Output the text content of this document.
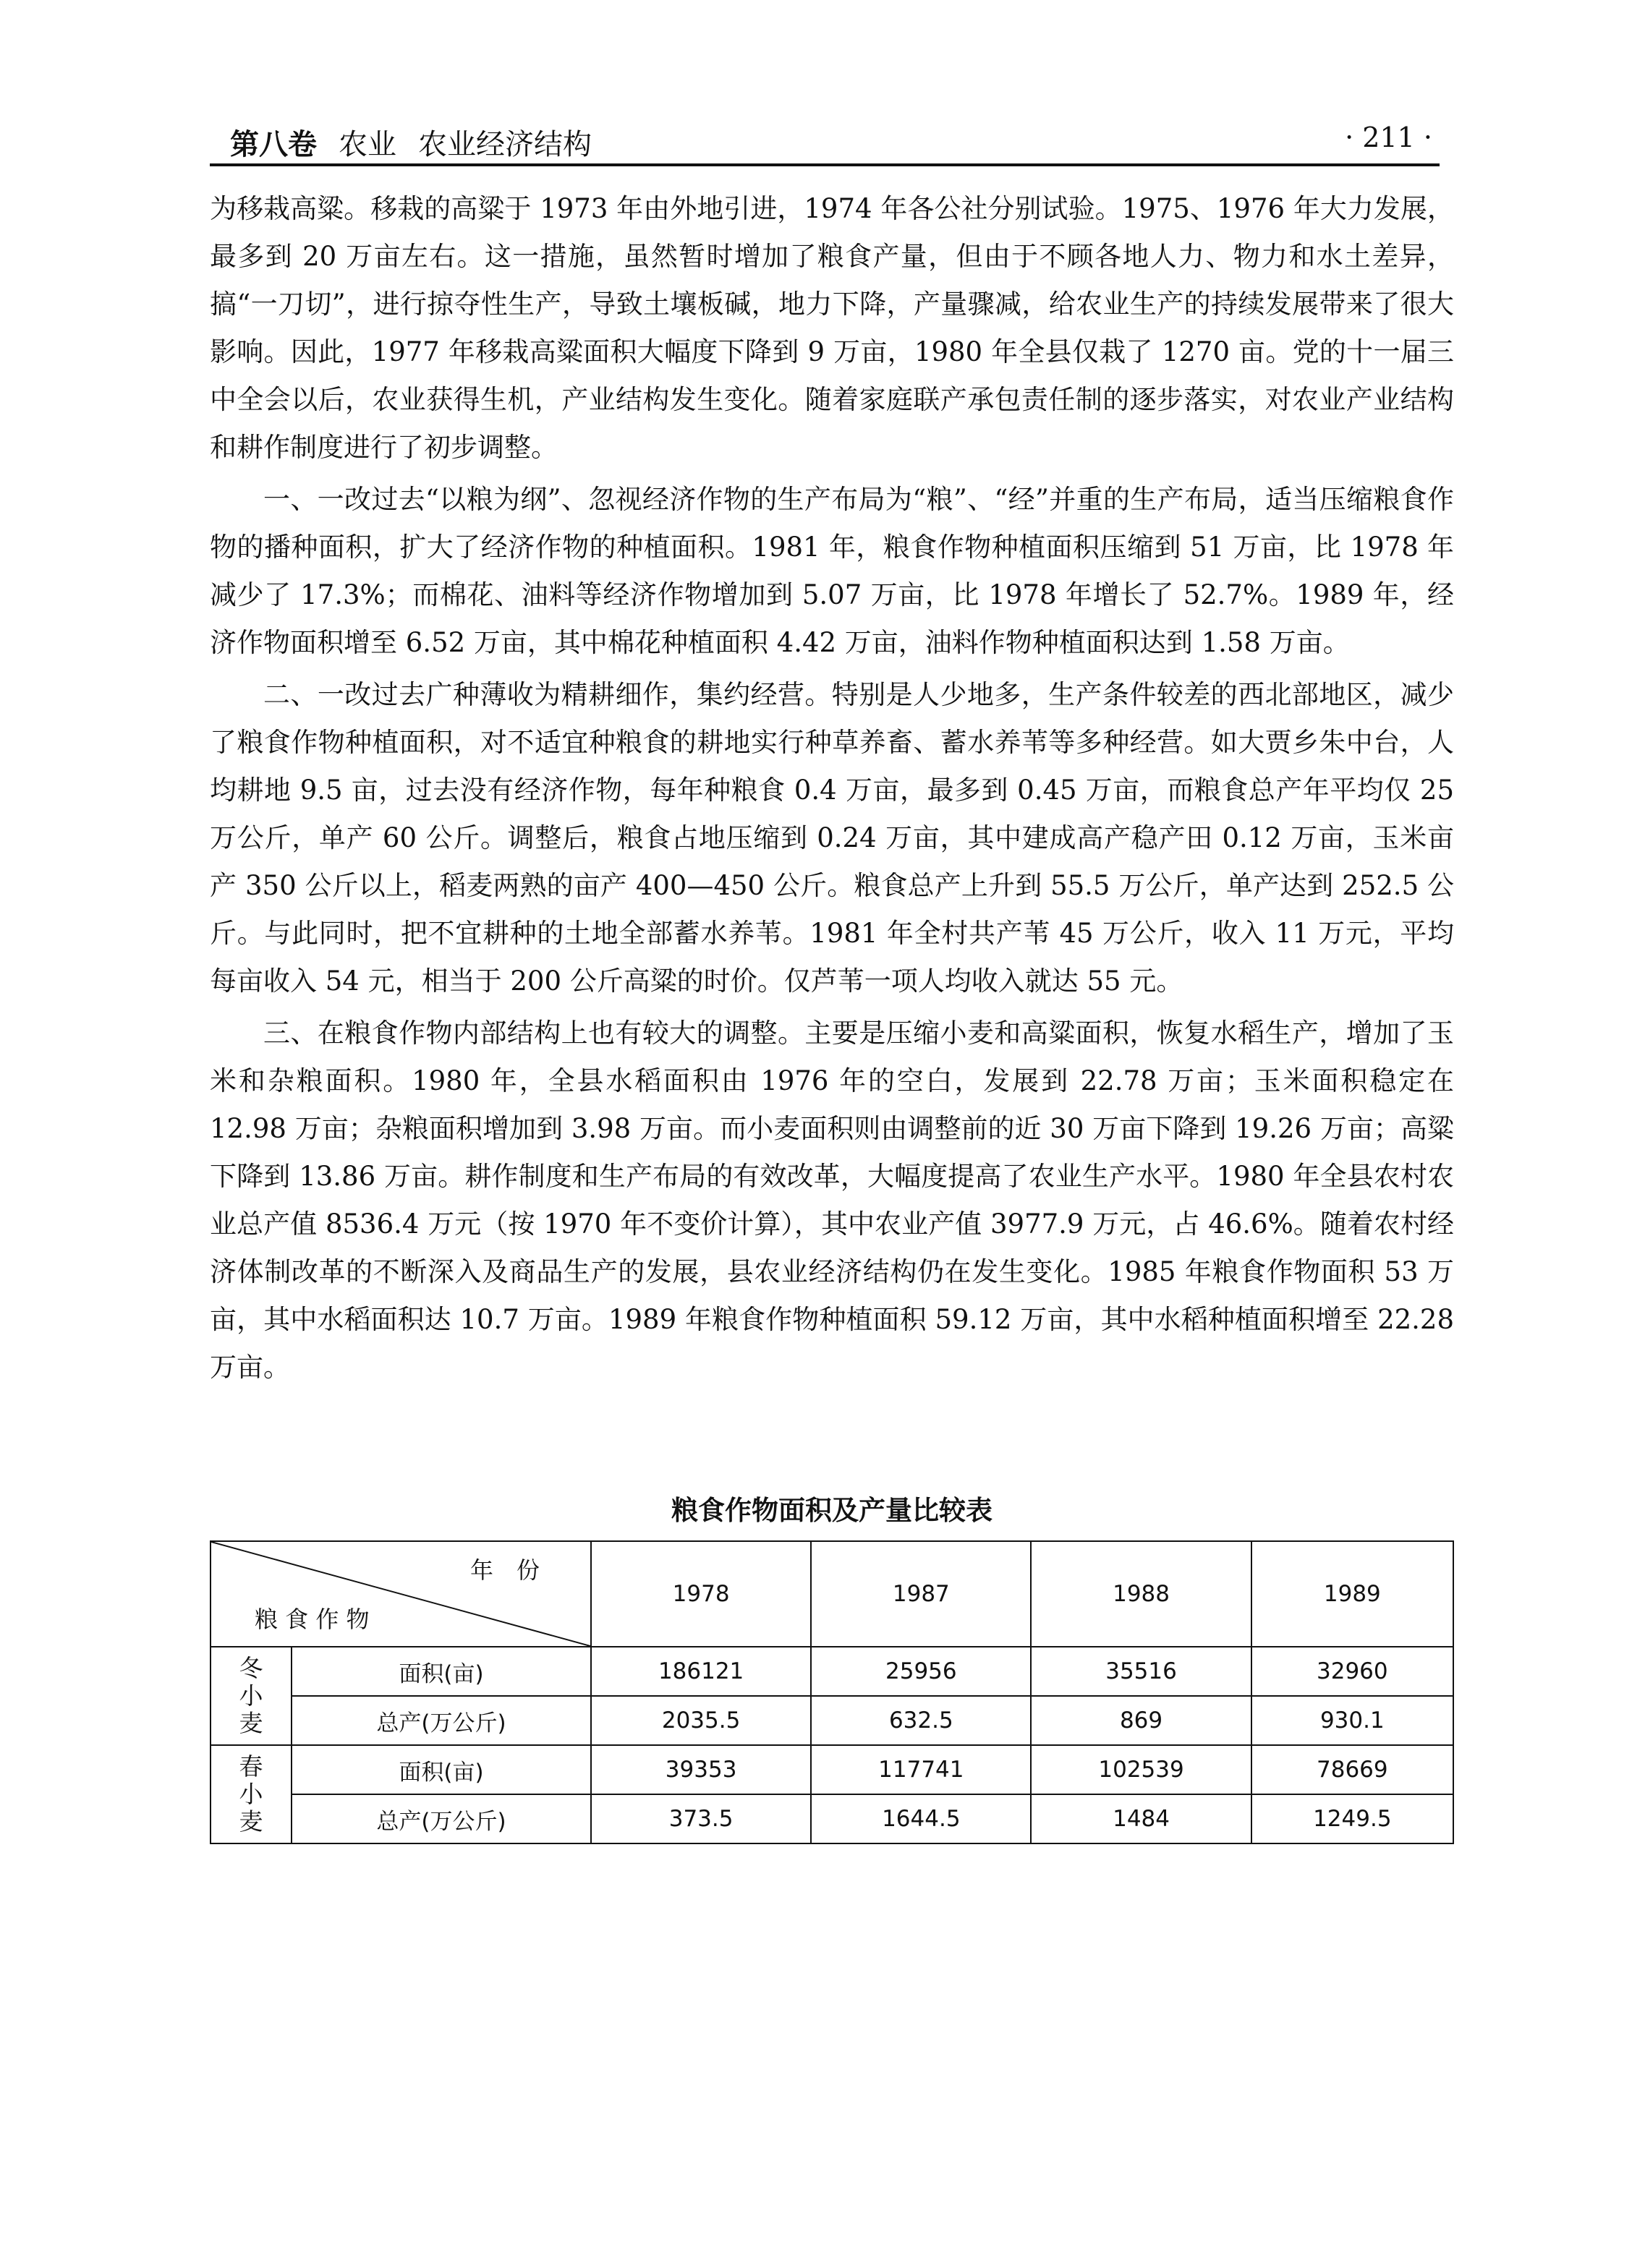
第八卷 农业 农业经济结构	· 211 ·

为移栽高粱。移栽的高粱于 1973 年由外地引进，1974 年各公社分别试验。1975、1976 年大力发展，最多到 20 万亩左右。这一措施，虽然暂时增加了粮食产量，但由于不顾各地人力、物力和水土差异，搞“一刀切”，进行掠夺性生产，导致土壤板碱，地力下降，产量骤减，给农业生产的持续发展带来了很大影响。因此，1977 年移栽高粱面积大幅度下降到 9 万亩，1980 年全县仅栽了 1270 亩。党的十一届三中全会以后，农业获得生机，产业结构发生变化。随着家庭联产承包责任制的逐步落实，对农业产业结构和耕作制度进行了初步调整。

一、一改过去“以粮为纲”、忽视经济作物的生产布局为“粮”、“经”并重的生产布局，适当压缩粮食作物的播种面积，扩大了经济作物的种植面积。1981 年，粮食作物种植面积压缩到 51 万亩，比 1978 年减少了 17.3%；而棉花、油料等经济作物增加到 5.07 万亩，比 1978 年增长了 52.7%。1989 年，经济作物面积增至 6.52 万亩，其中棉花种植面积 4.42 万亩，油料作物种植面积达到 1.58 万亩。

二、一改过去广种薄收为精耕细作，集约经营。特别是人少地多，生产条件较差的西北部地区，减少了粮食作物种植面积，对不适宜种粮食的耕地实行种草养畜、蓄水养苇等多种经营。如大贾乡朱中台，人均耕地 9.5 亩，过去没有经济作物，每年种粮食 0.4 万亩，最多到 0.45 万亩，而粮食总产年平均仅 25 万公斤，单产 60 公斤。调整后，粮食占地压缩到 0.24 万亩，其中建成高产稳产田 0.12 万亩，玉米亩产 350 公斤以上，稻麦两熟的亩产 400—450 公斤。粮食总产上升到 55.5 万公斤，单产达到 252.5 公斤。与此同时，把不宜耕种的土地全部蓄水养苇。1981 年全村共产苇 45 万公斤，收入 11 万元，平均每亩收入 54 元，相当于 200 公斤高粱的时价。仅芦苇一项人均收入就达 55 元。

三、在粮食作物内部结构上也有较大的调整。主要是压缩小麦和高粱面积，恢复水稻生产，增加了玉米和杂粮面积。1980 年，全县水稻面积由 1976 年的空白，发展到 22.78 万亩；玉米面积稳定在 12.98 万亩；杂粮面积增加到 3.98 万亩。而小麦面积则由调整前的近 30 万亩下降到 19.26 万亩；高粱下降到 13.86 万亩。耕作制度和生产布局的有效改革，大幅度提高了农业生产水平。1980 年全县农村农业总产值 8536.4 万元（按 1970 年不变价计算），其中农业产值 3977.9 万元，占 46.6%。随着农村经济体制改革的不断深入及商品生产的发展，县农业经济结构仍在发生变化。1985 年粮食作物面积 53 万亩，其中水稻面积达 10.7 万亩。1989 年粮食作物种植面积 59.12 万亩，其中水稻种植面积增至 22.28 万亩。

粮食作物面积及产量比较表
年　份
粮 食 作 物		1978	1987	1988	1989

冬
小
麦	面积(亩)	186121	25956	35516	32960
	总产(万公斤)	2035.5	632.5	869	930.1

春
小
麦	面积(亩)	39353	117741	102539	78669
	总产(万公斤)	373.5	1644.5	1484	1249.5
